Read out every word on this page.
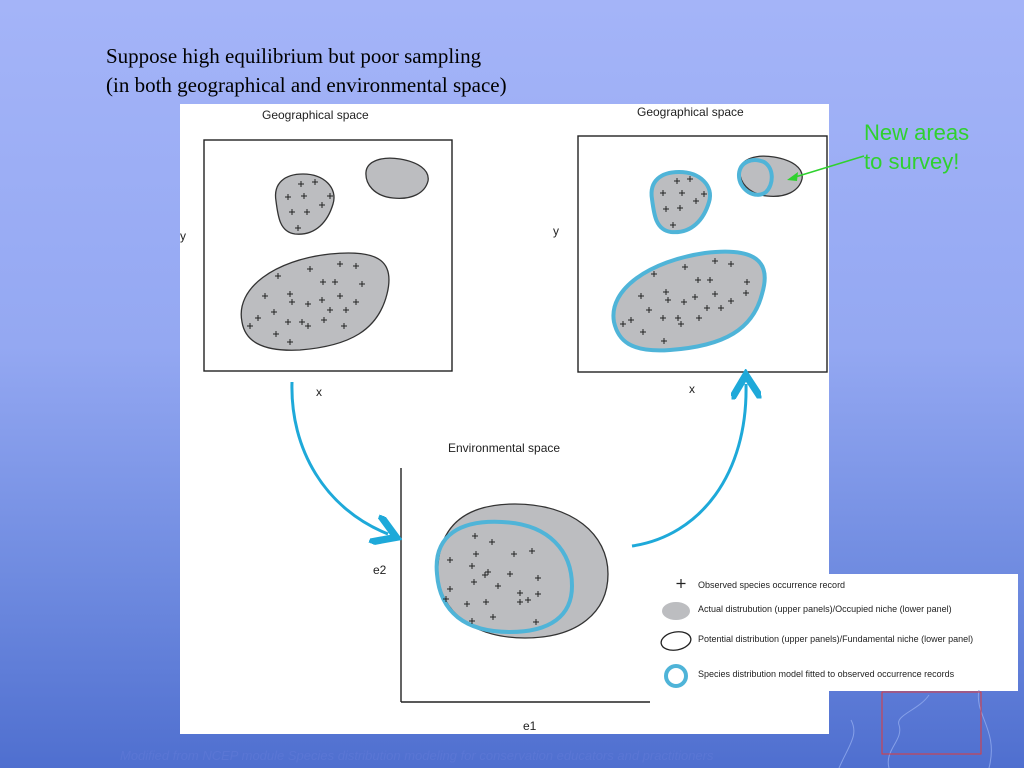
Suppose high equilibrium but poor sampling
(in both geographical and environmental space)
Geographical space
y
x
Geographical space
y
x
Environmental space
e2
e1
New areas
to survey!
Observed species occurrence record
Actual distrubution (upper panels)/Occupied niche (lower panel)
Potential distribution (upper panels)/Fundamental niche (lower panel)
Species distribution model fitted to observed occurrence records
Modified from NCEP module Species distribution modeling for conservation educators and practitioners
